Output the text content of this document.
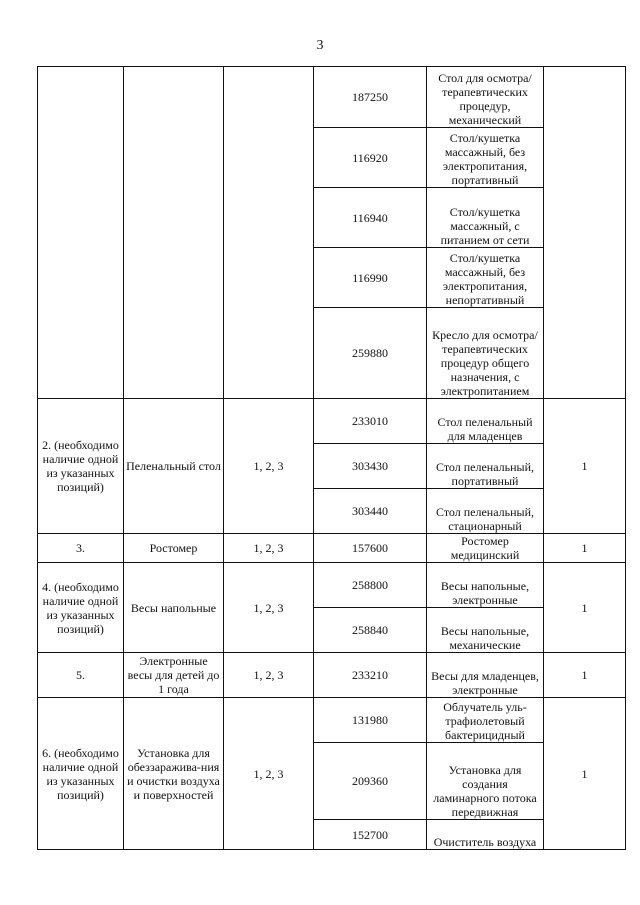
3
			187250	Стол для осмотра/ терапевтических процедур, механический	
			116920	Стол/кушетка массажный, без электропитания, портативный	
			116940	Стол/кушетка массажный, с питанием от сети	
			116990	Стол/кушетка массажный, без электропитания, непортативный	
			259880	Кресло для осмотра/ терапевтических процедур общего назначения, с электропитанием	
2. (необходимо наличие одной из указанных позиций)	Пеленальный стол	1, 2, 3	233010	Стол пеленальный для младенцев	1
			303430	Стол пеленальный, портативный	
			303440	Стол пеленальный, стационарный	
3.	Ростомер	1, 2, 3	157600	Ростомер медицинский	1
4. (необходимо наличие одной из указанных позиций)	Весы напольные	1, 2, 3	258800	Весы напольные, электронные	1
			258840	Весы напольные, механические	
5.	Электронные весы для детей до 1 года	1, 2, 3	233210	Весы для младенцев, электронные	1
6. (необходимо наличие одной из указанных позиций)	Установка для обеззаражива-ния и очистки воздуха и поверхностей	1, 2, 3	131980	Облучатель уль-трафиолетовый бактерицидный	1
			209360	Установка для создания ламинарного потока передвижная	
			152700	Очиститель воздуха	
